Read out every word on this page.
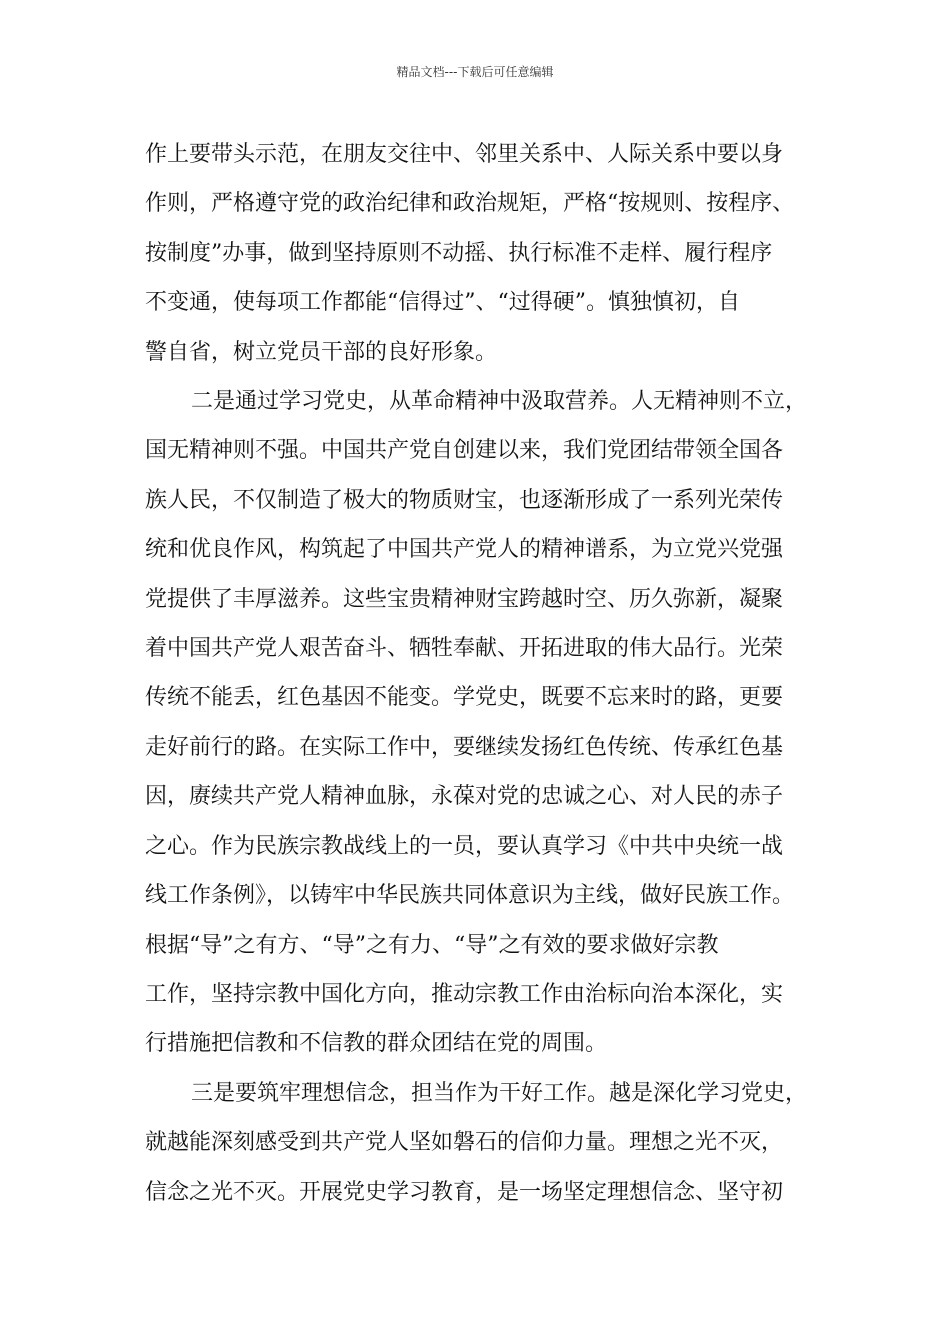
精品文档---下载后可任意编辑
作上要带头示范，在朋友交往中、邻里关系中、人际关系中要以身
作则，严格遵守党的政治纪律和政治规矩，严格“按规则、按程序、
按制度”办事，做到坚持原则不动摇、执行标准不走样、履行程序
不变通，使每项工作都能“信得过”、“过得硬”。慎独慎初，自
警自省，树立党员干部的良好形象。
二是通过学习党史，从革命精神中汲取营养。人无精神则不立，
国无精神则不强。中国共产党自创建以来，我们党团结带领全国各
族人民，不仅制造了极大的物质财宝，也逐渐形成了一系列光荣传
统和优良作风，构筑起了中国共产党人的精神谱系，为立党兴党强
党提供了丰厚滋养。这些宝贵精神财宝跨越时空、历久弥新，凝聚
着中国共产党人艰苦奋斗、牺牲奉献、开拓进取的伟大品行。光荣
传统不能丢，红色基因不能变。学党史，既要不忘来时的路，更要
走好前行的路。在实际工作中，要继续发扬红色传统、传承红色基
因，赓续共产党人精神血脉，永葆对党的忠诚之心、对人民的赤子
之心。作为民族宗教战线上的一员，要认真学习《中共中央统一战
线工作条例》，以铸牢中华民族共同体意识为主线，做好民族工作。
根据“导”之有方、“导”之有力、“导”之有效的要求做好宗教
工作，坚持宗教中国化方向，推动宗教工作由治标向治本深化，实
行措施把信教和不信教的群众团结在党的周围。
三是要筑牢理想信念，担当作为干好工作。越是深化学习党史，
就越能深刻感受到共产党人坚如磐石的信仰力量。理想之光不灭，
信念之光不灭。开展党史学习教育，是一场坚定理想信念、坚守初
